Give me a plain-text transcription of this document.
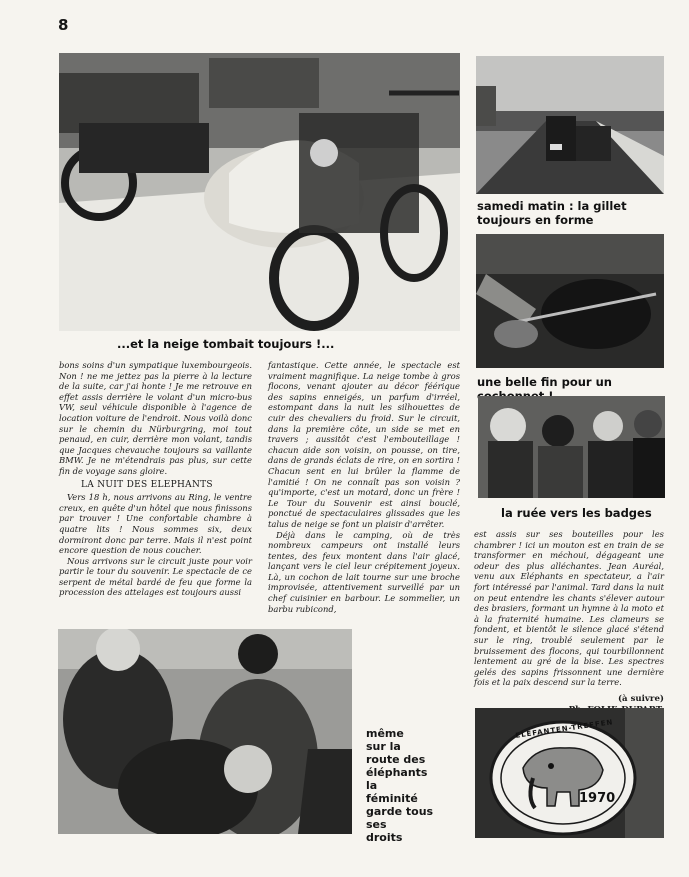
8
...et la neige tombait toujours !...
samedi matin : la gillet toujours en forme
une belle fin pour un
la ruée vers les badges

bons soins d'un sympatique luxembourgeois. Non ! ne me jettez pas la pierre à la lecture de la suite, car j'ai honte ! Je me retrouve en effet assis derrière le volant d'un micro-bus VW, seul véhicule disponible à l'agence de location voiture de l'endroit. Nous voilà donc sur le chemin du Nürburgring, moi tout penaud, en cuir, derrière mon volant, tandis que Jacques chevauche toujours sa vaillante BMW. Je ne m'étendrais pas plus, sur cette fin de voyage sans gloire.

LA NUIT DES ELEPHANTS

Vers 18 h, nous arrivons au Ring, le ventre creux, en quête d'un hôtel que nous finissons par trouver ! Une confortable chambre à quatre lits ! Nous sommes six, deux dormiront donc par terre. Mais il n'est point encore question de nous coucher.

Nous arrivons sur le circuit juste pour voir partir le tour du souvenir. Le spectacle de ce serpent de métal bardé de feu que forme la procession des attelages est toujours aussi

fantastique. Cette année, le spectacle est vraiment magnifique. La neige tombe à gros flocons, venant ajouter au décor féérique des sapins enneigés, un parfum d'irréel, estompant dans la nuit les silhouettes de cuir des chevaliers du froid. Sur le circuit, dans la première côte, un side se met en travers ; aussitôt c'est l'embouteillage ! chacun aide son voisin, on pousse, on tire, dans de grands éclats de rire, on en sortira ! Chacun sent en lui brûler la flamme de l'amitié ! On ne connaît pas son voisin ? qu'importe, c'est un motard, donc un frère ! Le Tour du Souvenir est ainsi bouclé, ponctué de spectaculaires glissades que les talus de neige se font un plaisir d'arrêter.

Déjà dans le camping, où de très nombreux campeurs ont installé leurs tentes, des feux montent dans l'air glacé, lançant vers le ciel leur crépitement joyeux. Là, un cochon de lait tourne sur une broche improvisée, attentivement surveillé par un chef cuisinier en barbour. Le sommelier, un barbu rubicond,

est assis sur ses bouteilles pour les chambrer ! ici un mouton est en train de se transformer en méchoui, dégageant une odeur des plus alléchantes. Jean Auréal, venu aux Eléphants en spectateur, a l'air fort intéressé par l'animal. Tard dans la nuit on peut entendre les chants s'élever autour des brasiers, formant un hymne à la moto et à la fraternité humaine. Les clameurs se fondent, et bientôt le silence glacé s'étend sur le ring, troublé seulement par le bruissement des flocons, qui tourbillonnent lentement au gré de la bise. Les spectres gelés des sapins frissonnent une dernière fois et la paix descend sur la terre.

(à suivre)
même
sur la
route des
éléphants
la
féminité
garde tous
ses
droits
ELEFANTEN-TREFFEN
1970
